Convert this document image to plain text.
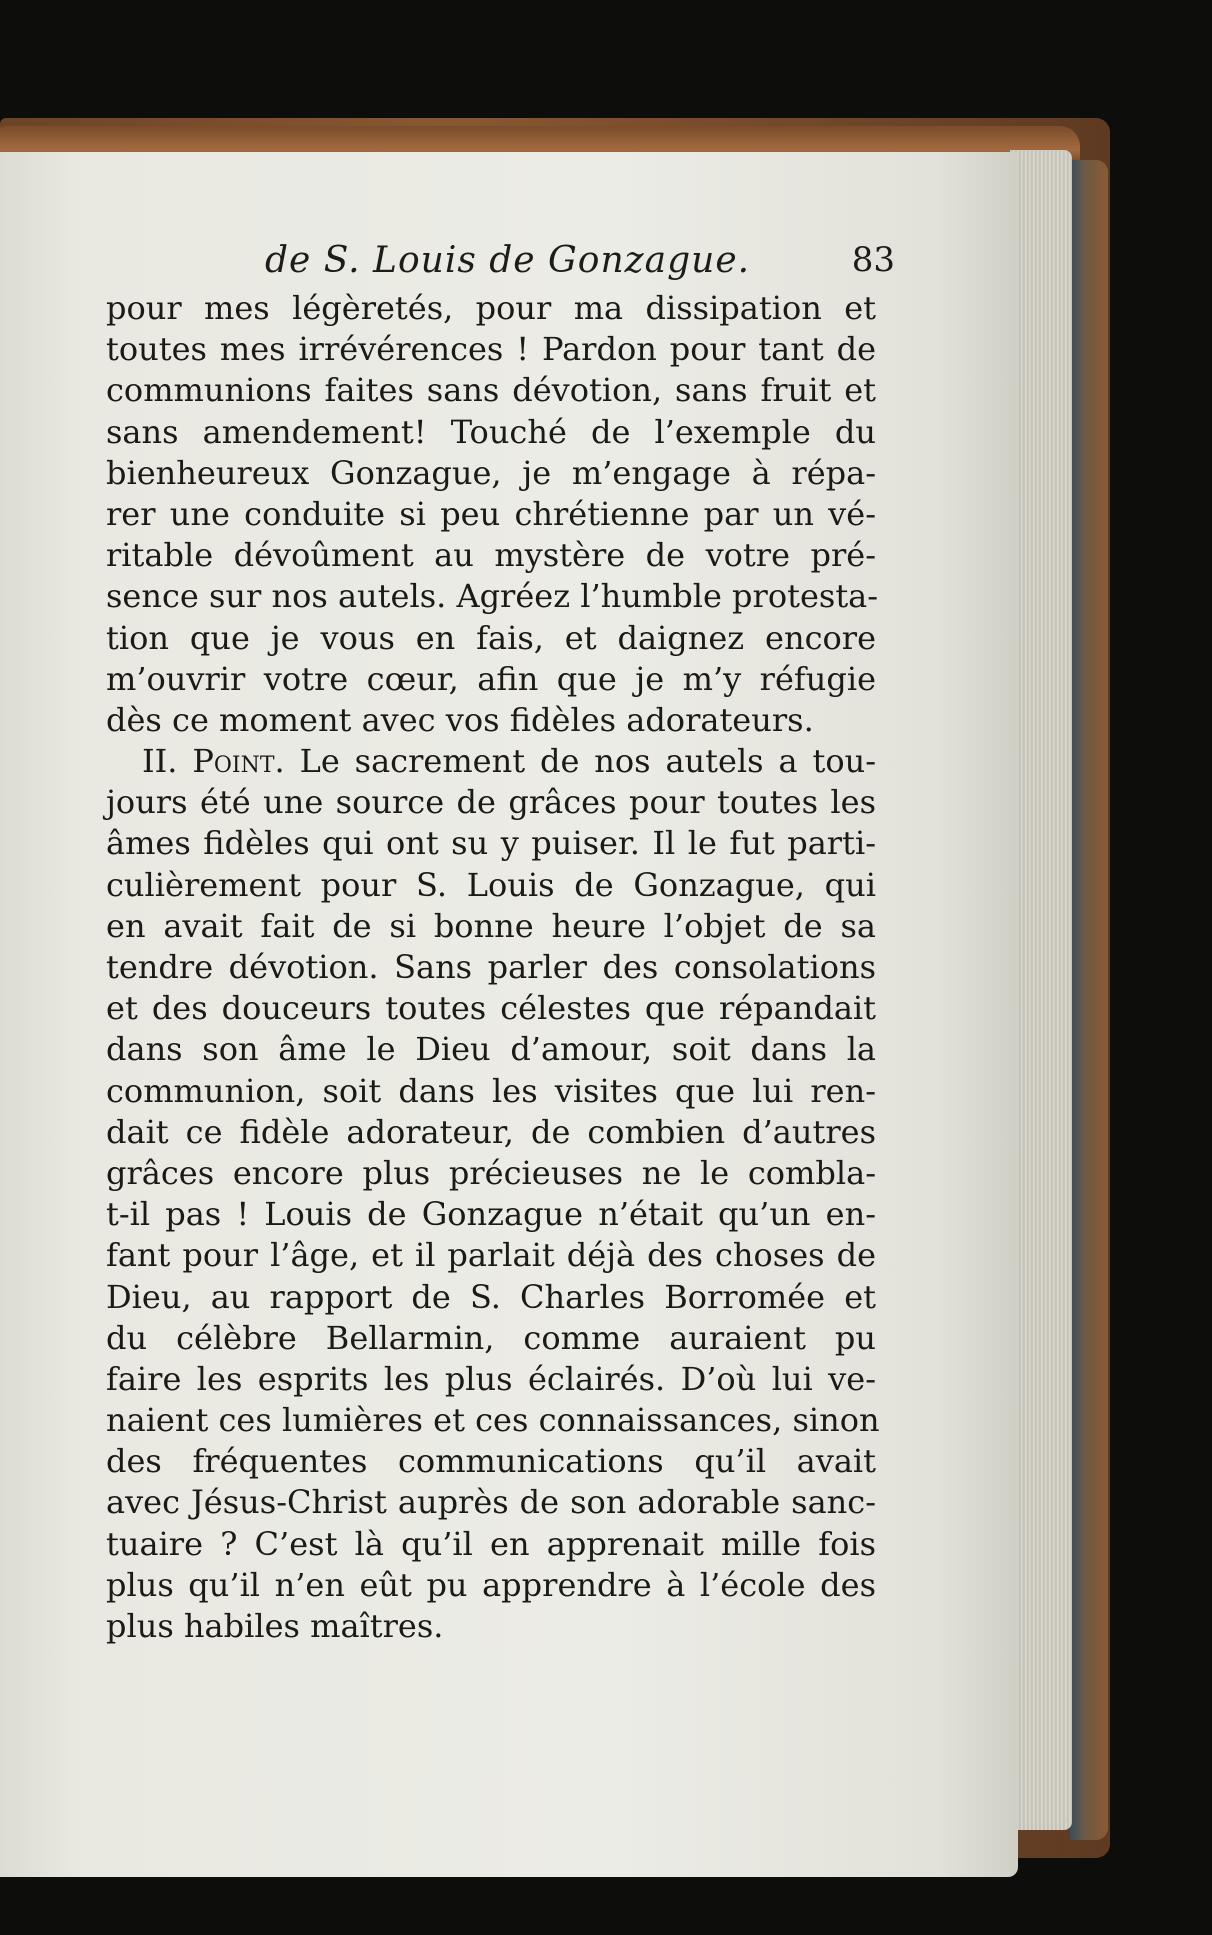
de S. Louis de Gonzague.	83
pour mes légèretés, pour ma dissipation et
toutes mes irrévérences ! Pardon pour tant de
communions faites sans dévotion, sans fruit et
sans amendement! Touché de l’exemple du
bienheureux Gonzague, je m’engage à répa-
rer une conduite si peu chrétienne par un vé-
ritable dévoûment au mystère de votre pré-
sence sur nos autels. Agréez l’humble protesta-
tion que je vous en fais, et daignez encore
m’ouvrir votre cœur, afin que je m’y réfugie
dès ce moment avec vos fidèles adorateurs.
II. Point. Le sacrement de nos autels a tou-
jours été une source de grâces pour toutes les
âmes fidèles qui ont su y puiser. Il le fut parti-
culièrement pour S. Louis de Gonzague, qui
en avait fait de si bonne heure l’objet de sa
tendre dévotion. Sans parler des consolations
et des douceurs toutes célestes que répandait
dans son âme le Dieu d’amour, soit dans la
communion, soit dans les visites que lui ren-
dait ce fidèle adorateur, de combien d’autres
grâces encore plus précieuses ne le combla-
t-il pas ! Louis de Gonzague n’était qu’un en-
fant pour l’âge, et il parlait déjà des choses de
Dieu, au rapport de S. Charles Borromée et
du célèbre Bellarmin, comme auraient pu
faire les esprits les plus éclairés. D’où lui ve-
naient ces lumières et ces connaissances, sinon
des fréquentes communications qu’il avait
avec Jésus-Christ auprès de son adorable sanc-
tuaire ? C’est là qu’il en apprenait mille fois
plus qu’il n’en eût pu apprendre à l’école des
plus habiles maîtres.
